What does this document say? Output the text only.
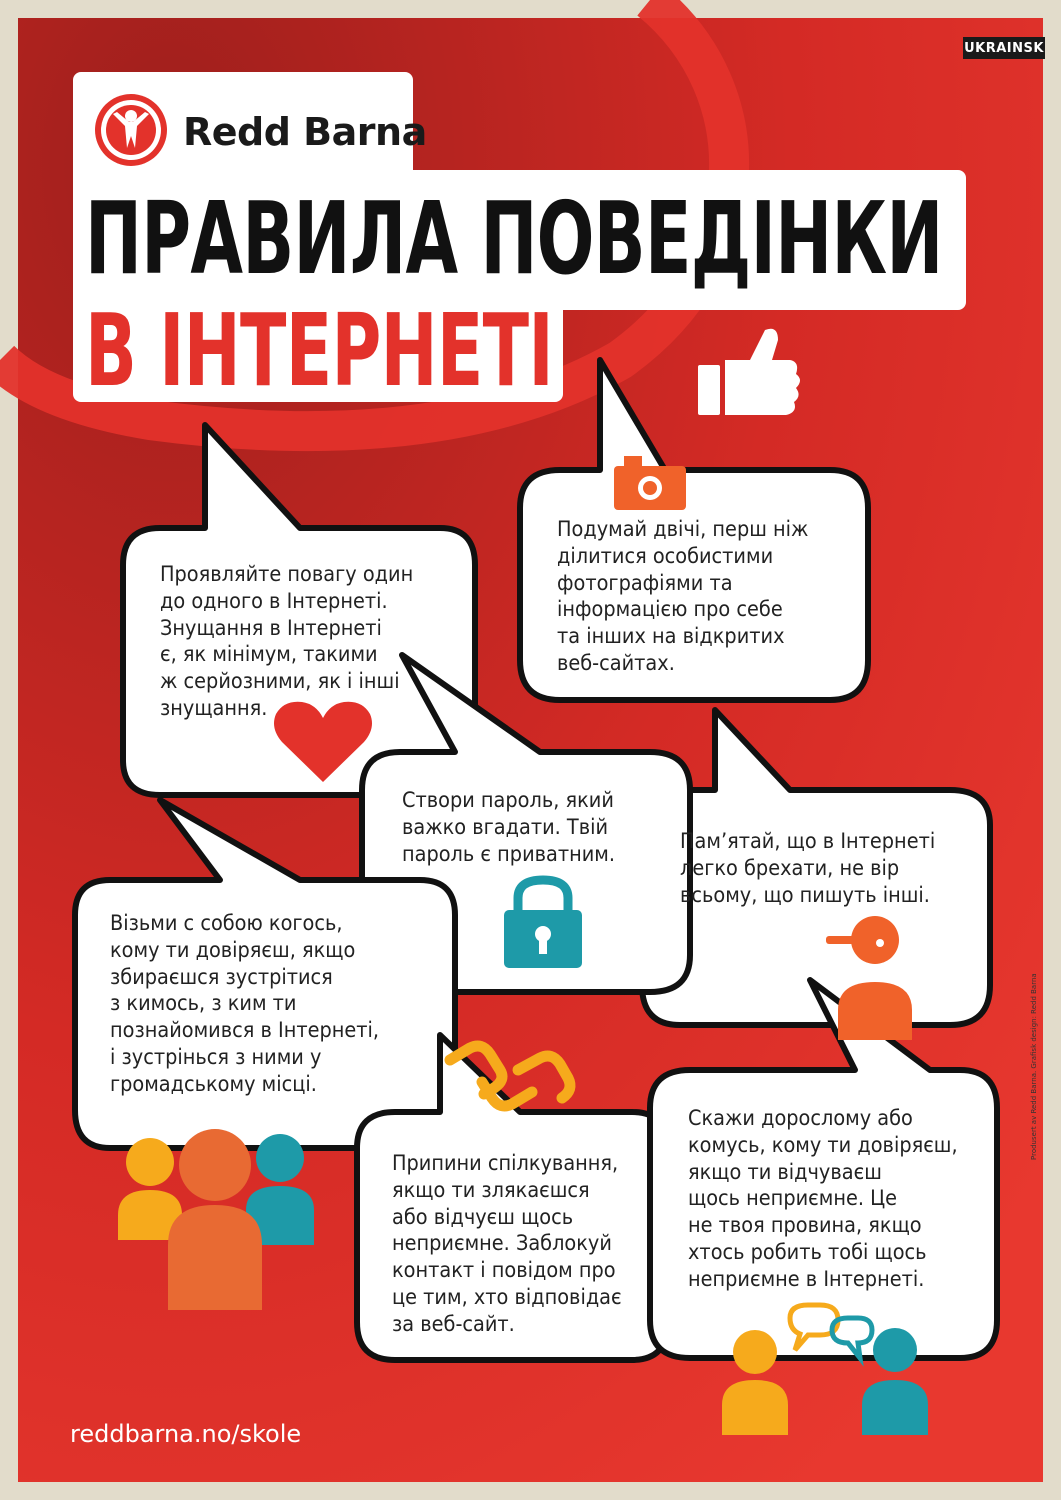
UKRAINSK
Redd Barna
ПРАВИЛА ПОВЕДІНКИ
В ІНТЕРНЕТІ
Проявляйте повагу один
до одного в Інтернеті.
Знущання в Інтернеті
є, як мінімум, такими
ж серйозними, як і інші
знущання.
Подумай двічі, перш ніж
ділитися особистими
фотографіями та
інформацією про себе
та інших на відкритих
веб-сайтах.
Створи пароль, який
важко вгадати. Твій
пароль є приватним.
Пам’ятай, що в Інтернеті
легко брехати, не вір
всьому, що пишуть інші.
Візьми с собою когось,
кому ти довіряєш, якщо
збираєшся зустрітися
з кимось, з ким ти
познайомився в Інтернеті,
і зустрінься з ними у
громадському місці.
Припини спілкування,
якщо ти злякаєшся
або відчуєш щось
неприємне. Заблокуй
контакт і повідом про
це тим, хто відповідає
за веб-сайт.
Скажи дорослому або
комусь, кому ти довіряєш,
якщо ти відчуваєш
щось неприємне. Це
не твоя провина, якщо
хтось робить тобі щось
неприємне в Інтернеті.
reddbarna.no/skole
Produsert av Redd Barna. Grafisk design: Redd Barna
